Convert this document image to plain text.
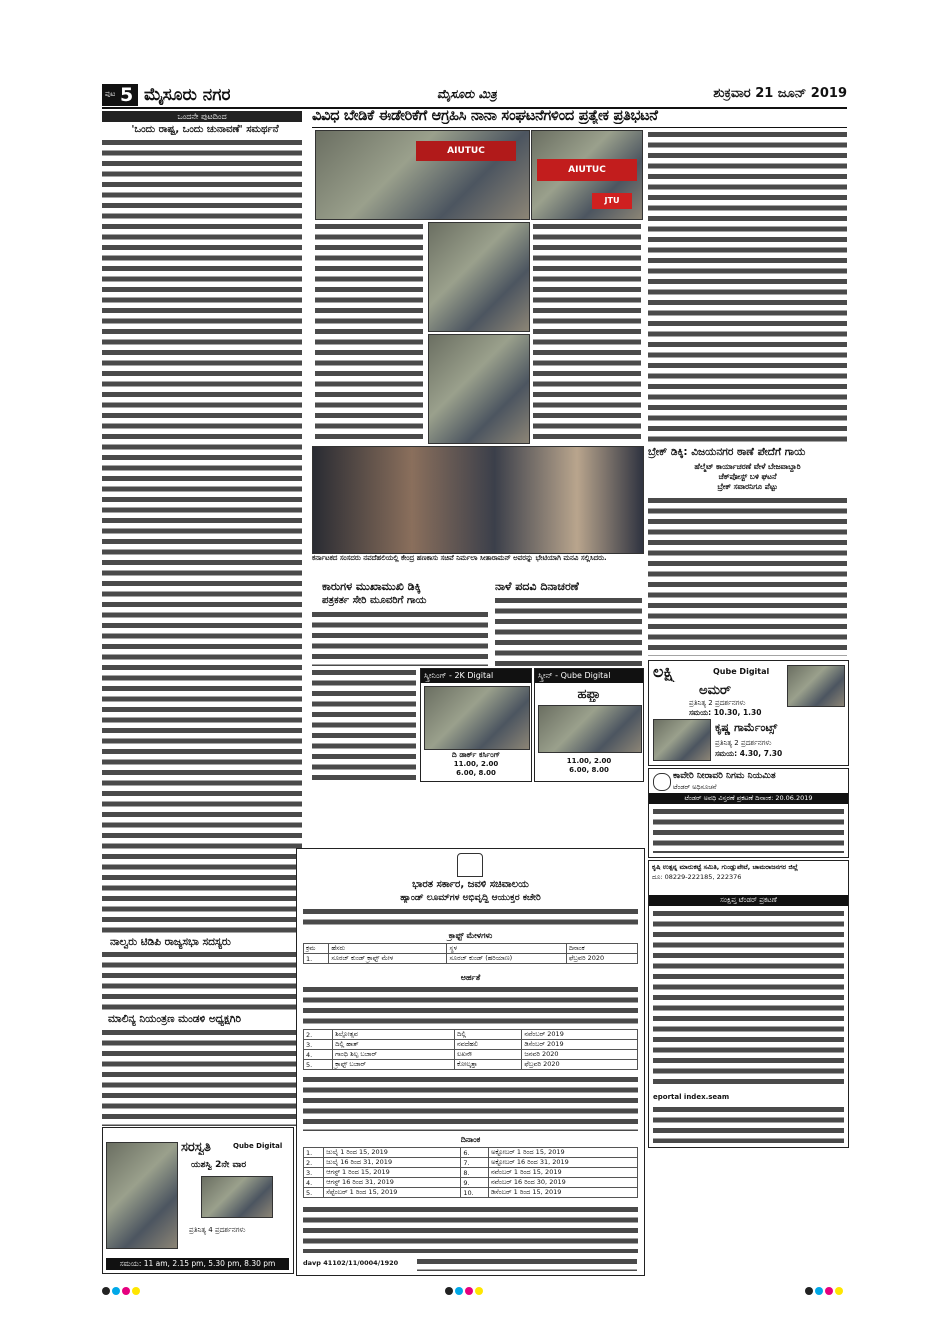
ಪುಟ 5 ಮೈಸೂರು ನಗರ	ಮೈಸೂರು ಮಿತ್ರ	ಶುಕ್ರವಾರ 21 ಜೂನ್ 2019
ಒಂದನೇ ಪುಟದಿಂದ
'ಒಂದು ರಾಷ್ಟ್ರ, ಒಂದು ಚುನಾವಣೆ' ಸಮರ್ಥನೆ
ನಾಲ್ವರು ಟಿಡಿಪಿ ರಾಜ್ಯಸಭಾ ಸದಸ್ಯರು
ಮಾಲಿನ್ಯ ನಿಯಂತ್ರಣ ಮಂಡಳಿ ಅಧ್ಯಕ್ಷಗಿರಿ
ಸರಸ್ವತಿ	Qube Digital
ಯಶಸ್ವಿ 2ನೇ ವಾರ
ಪ್ರತಿನಿತ್ಯ 4 ಪ್ರದರ್ಶನಗಳು
ಸಮಯ: 11 am, 2.15 pm, 5.30 pm, 8.30 pm
ವಿವಿಧ ಬೇಡಿಕೆ ಈಡೇರಿಕೆಗೆ ಆಗ್ರಹಿಸಿ ನಾನಾ ಸಂಘಟನೆಗಳಿಂದ ಪ್ರತ್ಯೇಕ ಪ್ರತಿಭಟನೆ
AIUTUC
AIUTUC
JTU
ಕರ್ನಾಟಕದ ಸಂಸದರು ನವದೆಹಲಿಯಲ್ಲಿ ಕೇಂದ್ರ ಹಣಕಾಸು ಸಚಿವೆ ನಿರ್ಮಲಾ ಸೀತಾರಾಮನ್ ಅವರನ್ನು ಭೇಟಿಯಾಗಿ ಮನವಿ ಸಲ್ಲಿಸಿದರು.
ಬ್ರೇಕ್ ಡಿಕ್ಕಿ: ವಿಜಯನಗರ ಠಾಣೆ ಪೇದೆಗೆ ಗಾಯ
ಹೆಲ್ಮೆಟ್ ಕಾರ್ಯಾಚರಣೆ ವೇಳೆ ಬೇಜವಾಬ್ದಾರಿ
ಚೆಕ್‌ಪೋಸ್ಟ್ ಬಳಿ ಘಟನೆ
ಬ್ರೇಕ್ ಸವಾರನಿಗೂ ಪೆಟ್ಟು
ಕಾರುಗಳ ಮುಖಾಮುಖಿ ಡಿಕ್ಕಿ
ಪತ್ರಕರ್ತ ಸೇರಿ ಮೂವರಿಗೆ ಗಾಯ
ನಾಳೆ ಪದವಿ ದಿನಾಚರಣೆ
ಸ್ಕ್ರೀನಿಂಗ್ - 2K Digital
ದಿ ಡಾರ್ಕ್ ಕರ್ಸಿಂಗ್
11.00, 2.00
6.00, 8.00
ಸ್ಕ್ರೀನ್ - Qube Digital
ಹಫ್ತಾ
11.00, 2.00
6.00, 8.00
ಲಕ್ಷ್ಮಿ	Qube Digital
ಅಮರ್
ಪ್ರತಿನಿತ್ಯ 2 ಪ್ರದರ್ಶನಗಳು
ಸಮಯ: 10.30, 1.30
ಕೃಷ್ಣ ಗಾರ್ಮೆಂಟ್ಸ್
ಪ್ರತಿನಿತ್ಯ 2 ಪ್ರದರ್ಶನಗಳು
ಸಮಯ: 4.30, 7.30
ಕಾವೇರಿ ನೀರಾವರಿ ನಿಗಮ ನಿಯಮಿತ
ಟೆಂಡರ್ ಅಧಿಸೂಚನೆ
ಟೆಂಡರ್ ಅವಧಿ ವಿಸ್ತರಣೆ ಪ್ರಕಟಣೆ ದಿನಾಂಕ: 20.06.2019
ಕೃಷಿ ಉತ್ಪನ್ನ ಮಾರುಕಟ್ಟೆ ಸಮಿತಿ, ಗುಂಡ್ಲುಪೇಟೆ, ಚಾಮರಾಜನಗರ ಜಿಲ್ಲೆ
ದೂ: 08229-222185, 222376
ಸಂಕ್ಷಿಪ್ತ ಟೆಂಡರ್ ಪ್ರಕಟಣೆ
eportal index.seam
ಭಾರತ ಸರ್ಕಾರ, ಜವಳಿ ಸಚಿವಾಲಯ
ಹ್ಯಾಂಡ್ ಲೂಮ್‌ಗಳ ಅಭಿವೃದ್ಧಿ ಆಯುಕ್ತರ ಕಚೇರಿ
ಕ್ರಾಫ್ಟ್ ಮೇಳಗಳು
ಕ್ರಮ	ಹೆಸರು	ಸ್ಥಳ	ದಿನಾಂಕ
1.	ಸೂರಜ್ ಕುಂಡ್ ಕ್ರಾಫ್ಟ್ ಮೇಳ	ಸೂರಜ್ ಕುಂಡ್ (ಹರಿಯಾಣ)	ಫೆಬ್ರವರಿ 2020
ಅರ್ಹತೆ
2.	ಶಿಲ್ಪೋತ್ಸವ	ದಿಲ್ಲಿ	ನವೆಂಬರ್ 2019
3.	ದಿಲ್ಲಿ ಹಾತ್	ನವದೆಹಲಿ	ಡಿಸೆಂಬರ್ 2019
4.	ಗಾಂಧಿ ಶಿಲ್ಪ ಬಜಾರ್	ಲಖನೌ	ಜನವರಿ 2020
5.	ಕ್ರಾಫ್ಟ್ ಬಜಾರ್	ಕೋಲ್ಕತ್ತಾ	ಫೆಬ್ರವರಿ 2020
ದಿನಾಂಕ
1.	ಜುಲೈ 1 ರಿಂದ 15, 2019	6.	ಅಕ್ಟೋಬರ್ 1 ರಿಂದ 15, 2019
2.	ಜುಲೈ 16 ರಿಂದ 31, 2019	7.	ಅಕ್ಟೋಬರ್ 16 ರಿಂದ 31, 2019
3.	ಆಗಸ್ಟ್ 1 ರಿಂದ 15, 2019	8.	ನವೆಂಬರ್ 1 ರಿಂದ 15, 2019
4.	ಆಗಸ್ಟ್ 16 ರಿಂದ 31, 2019	9.	ನವೆಂಬರ್ 16 ರಿಂದ 30, 2019
5.	ಸೆಪ್ಟೆಂಬರ್ 1 ರಿಂದ 15, 2019	10.	ಡಿಸೆಂಬರ್ 1 ರಿಂದ 15, 2019
davp 41102/11/0004/1920
